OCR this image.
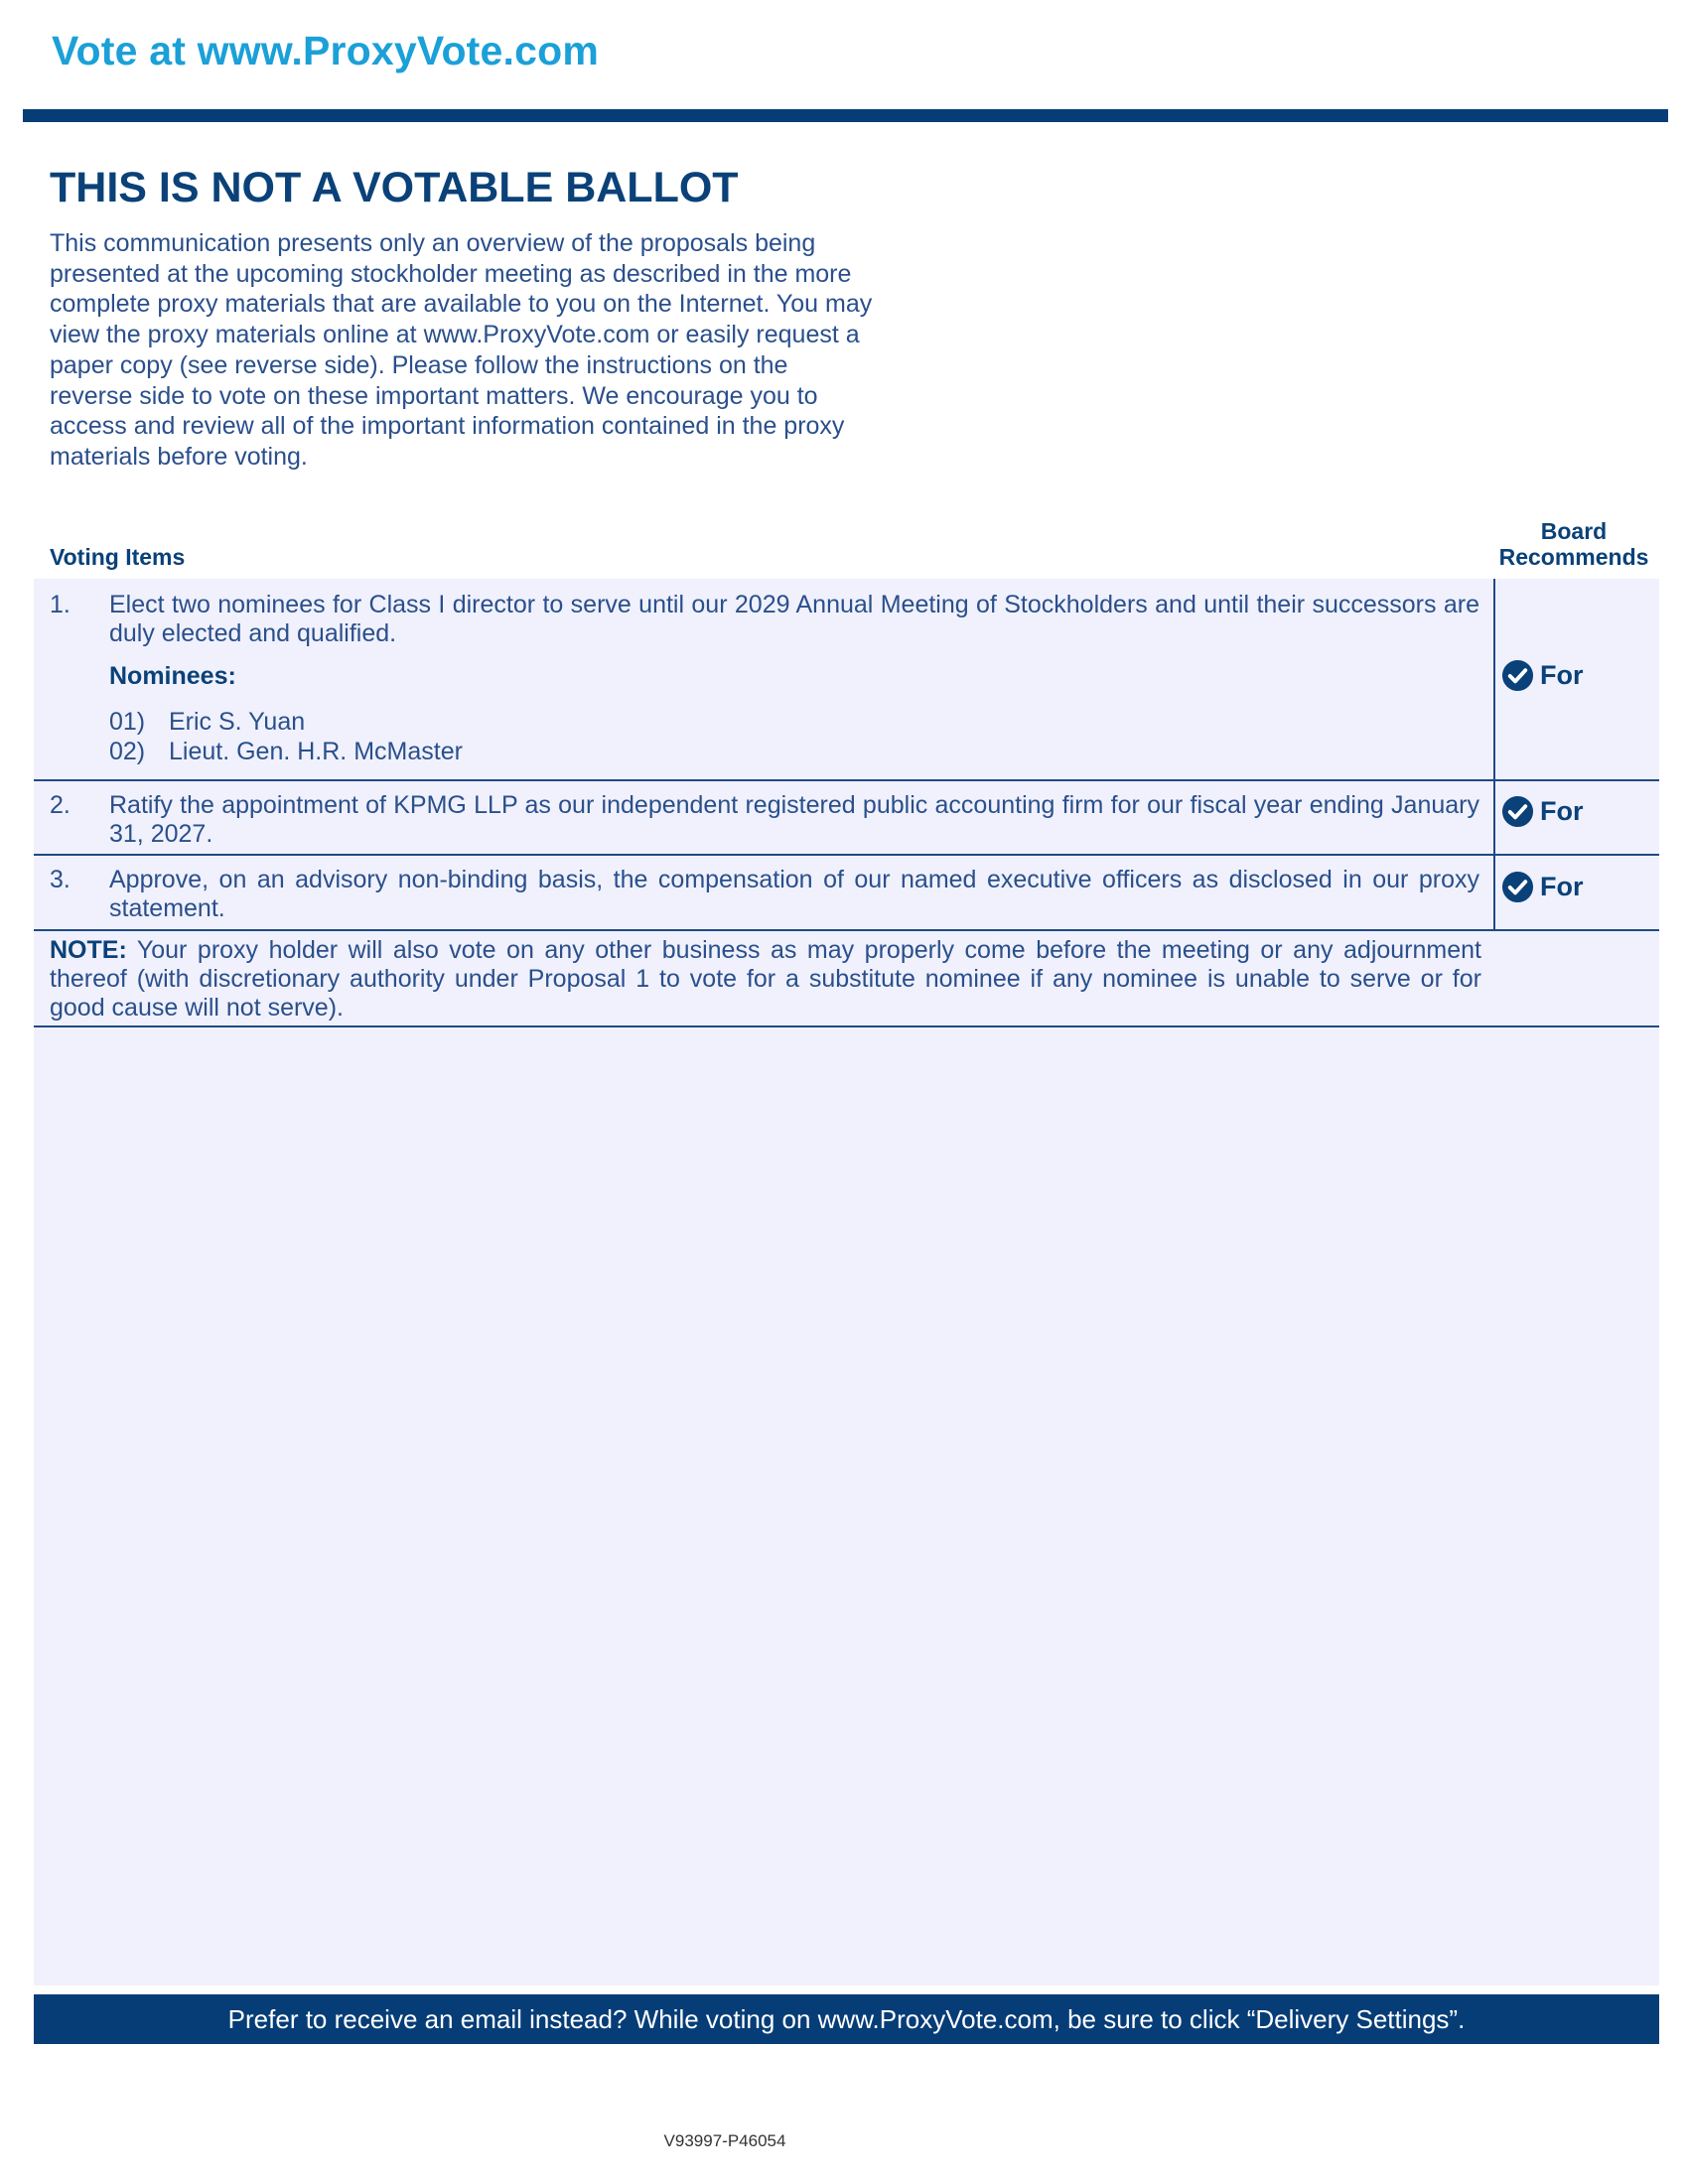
Vote at www.ProxyVote.com
THIS IS NOT A VOTABLE BALLOT
This communication presents only an overview of the proposals being presented at the upcoming stockholder meeting as described in the more complete proxy materials that are available to you on the Internet. You may view the proxy materials online at www.ProxyVote.com or easily request a paper copy (see reverse side). Please follow the instructions on the reverse side to vote on these important matters. We encourage you to access and review all of the important information contained in the proxy materials before voting.
Board
Recommends
Voting Items
1. Elect two nominees for Class I director to serve until our 2029 Annual Meeting of Stockholders and until their successors are duly elected and qualified.
Nominees:
01) Eric S. Yuan
02) Lieut. Gen. H.R. McMaster
For
2. Ratify the appointment of KPMG LLP as our independent registered public accounting firm for our fiscal year ending January 31, 2027.
For
3. Approve, on an advisory non-binding basis, the compensation of our named executive officers as disclosed in our proxy statement.
For
NOTE: Your proxy holder will also vote on any other business as may properly come before the meeting or any adjournment thereof (with discretionary authority under Proposal 1 to vote for a substitute nominee if any nominee is unable to serve or for good cause will not serve).
Prefer to receive an email instead? While voting on www.ProxyVote.com, be sure to click “Delivery Settings”.
V93997-P46054
